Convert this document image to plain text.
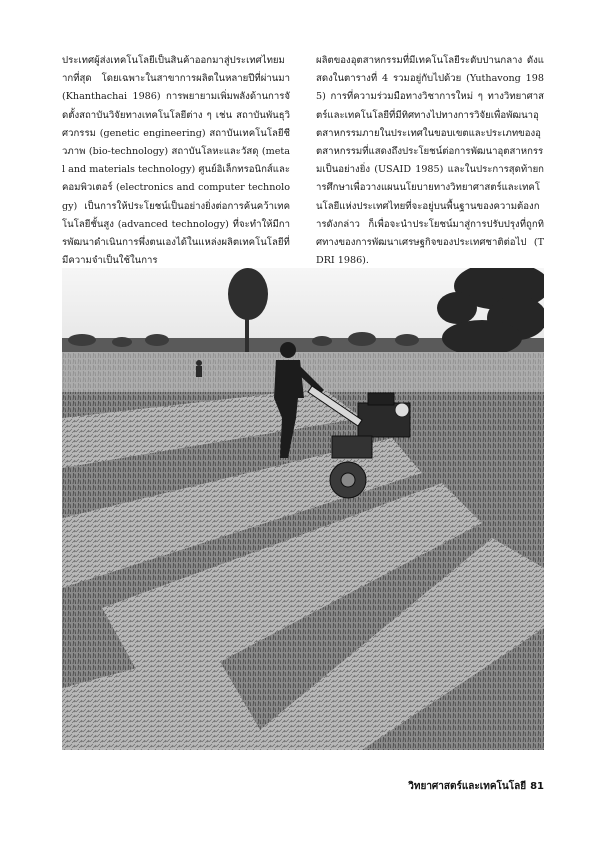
ประเทศผู้ส่งเทคโนโลยีเป็นสินค้าออกมาสู่ประเทศไทยมากที่สุด โดยเฉพาะในสาขาการผลิตในหลายปีที่ผ่านมา (Khanthachai 1986) การพยายามเพิ่มพลังด้านการจัดตั้งสถาบันวิจัยทางเทคโนโลยีต่าง ๆ เช่น สถาบันพันธุวิศวกรรม (genetic engineering) สถาบันเทคโนโลยีชีวภาพ (bio-technology) สถาบันโลหะและวัสดุ (metal and materials technology) ศูนย์อิเล็กทรอนิกส์และคอมพิวเตอร์ (electronics and computer technology) เป็นการให้ประโยชน์เป็นอย่างยิ่งต่อการค้นคว้าเทคโนโลยีชั้นสูง (advanced technology) ที่จะทำให้มีการพัฒนาดำเนินการพึ่งตนเองได้ในแหล่งผลิตเทคโนโลยีที่มีความจำเป็นใช้ในการ
ผลิตของอุตสาหกรรมที่มีเทคโนโลยีระดับปานกลาง ดังแสดงในตารางที่ 4 รวมอยู่กับไปด้วย (Yuthavong 1985) การที่ความร่วมมือทางวิชาการใหม่ ๆ ทางวิทยาศาสตร์และเทคโนโลยีที่มีทิศทางไปทางการวิจัยเพื่อพัฒนาอุตสาหกรรมภายในประเทศในขอบเขตและประเภทของอุตสาหกรรมที่แสดงถึงประโยชน์ต่อการพัฒนาอุตสาหกรรมเป็นอย่างยิ่ง (USAID 1985) และในประการสุดท้ายการศึกษาเพื่อวางแผนนโยบายทางวิทยาศาสตร์และเทคโนโลยีแห่งประเทศไทยที่จะอยู่บนพื้นฐานของความต้องการดังกล่าว ก็เพื่อจะนำประโยชน์มาสู่การปรับปรุงที่ถูกทิศทางของการพัฒนาเศรษฐกิจของประเทศชาติต่อไป (TDRI 1986).
วิทยาศาสตร์และเทคโนโลยี 81
